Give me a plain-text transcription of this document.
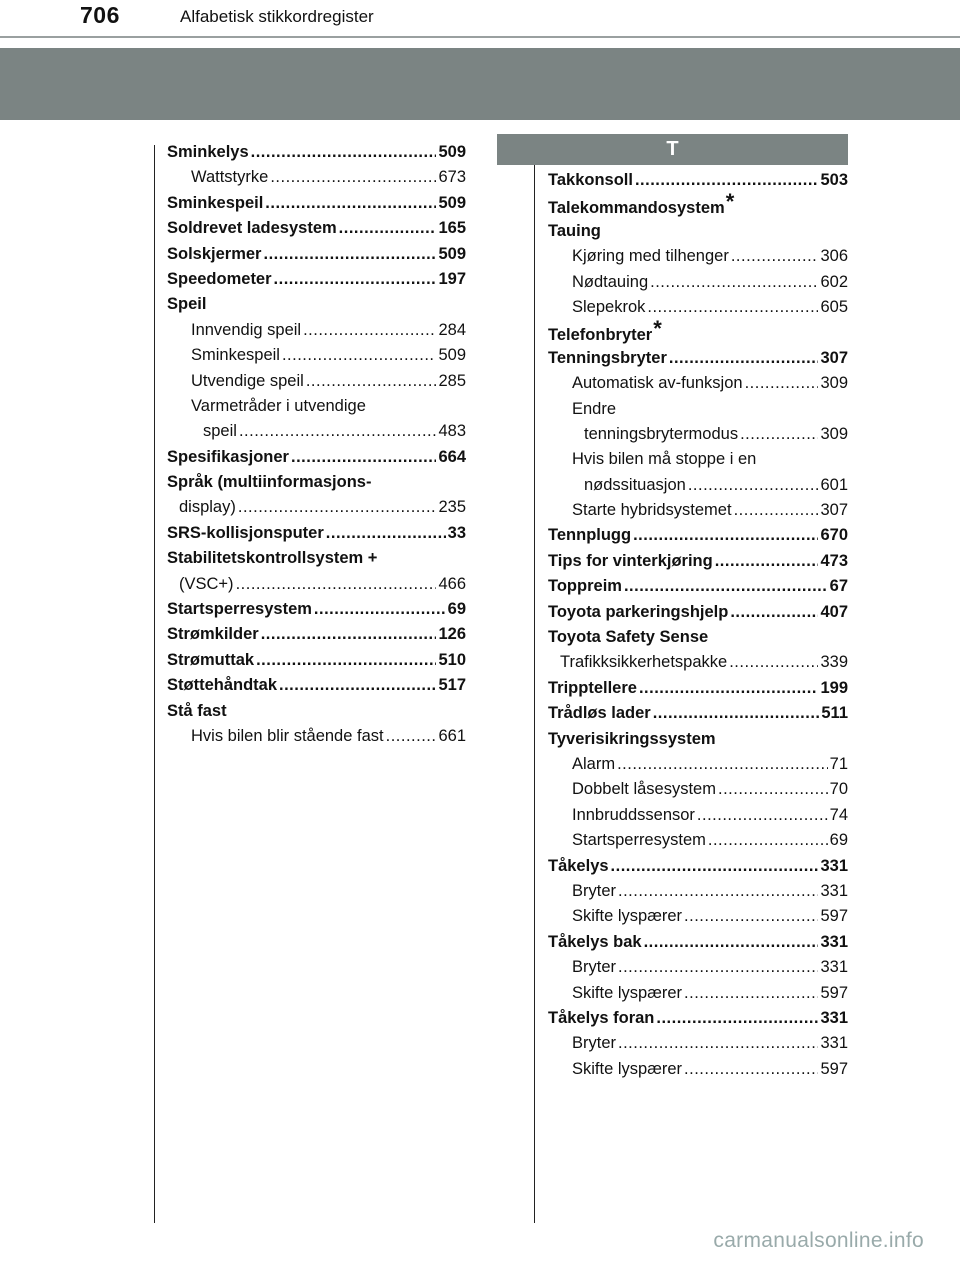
706	Alfabetisk stikkordregister
T
Sminkelys .....	509
Wattstyrke .....	673
Sminkespeil .....	509
Soldrevet ladesystem .....	165
Solskjermer .....	509
Speedometer .....	197
Speil
Innvendig speil .....	284
Sminkespeil .....	509
Utvendige speil .....	285
Varmetråder i utvendige
speil .....	483
Spesifikasjoner .....	664
Språk (multiinformasjons-
display) .....	235
SRS-kollisjonsputer .....	33
Stabilitetskontrollsystem +
(VSC+) .....	466
Startsperresystem .....	69
Strømkilder .....	126
Strømuttak .....	510
Støttehåndtak .....	517
Stå fast
Hvis bilen blir stående fast .....	661
Takkonsoll .....	503
Talekommandosystem *
Tauing
Kjøring med tilhenger .....	306
Nødtauing .....	602
Slepekrok .....	605
Telefonbryter *
Tenningsbryter .....	307
Automatisk av-funksjon .....	309
Endre
tenningsbrytermodus .....	309
Hvis bilen må stoppe i en
nødssituasjon .....	601
Starte hybridsystemet .....	307
Tennplugg .....	670
Tips for vinterkjøring .....	473
Toppreim .....	67
Toyota parkeringshjelp .....	407
Toyota Safety Sense
Trafikksikkerhetspakke .....	339
Tripptellere .....	199
Trådløs lader .....	511
Tyverisikringssystem
Alarm .....	71
Dobbelt låsesystem .....	70
Innbruddssensor .....	74
Startsperresystem .....	69
Tåkelys .....	331
Bryter .....	331
Skifte lyspærer .....	597
Tåkelys bak .....	331
Bryter .....	331
Skifte lyspærer .....	597
Tåkelys foran .....	331
Bryter .....	331
Skifte lyspærer .....	597
carmanualsonline.info
